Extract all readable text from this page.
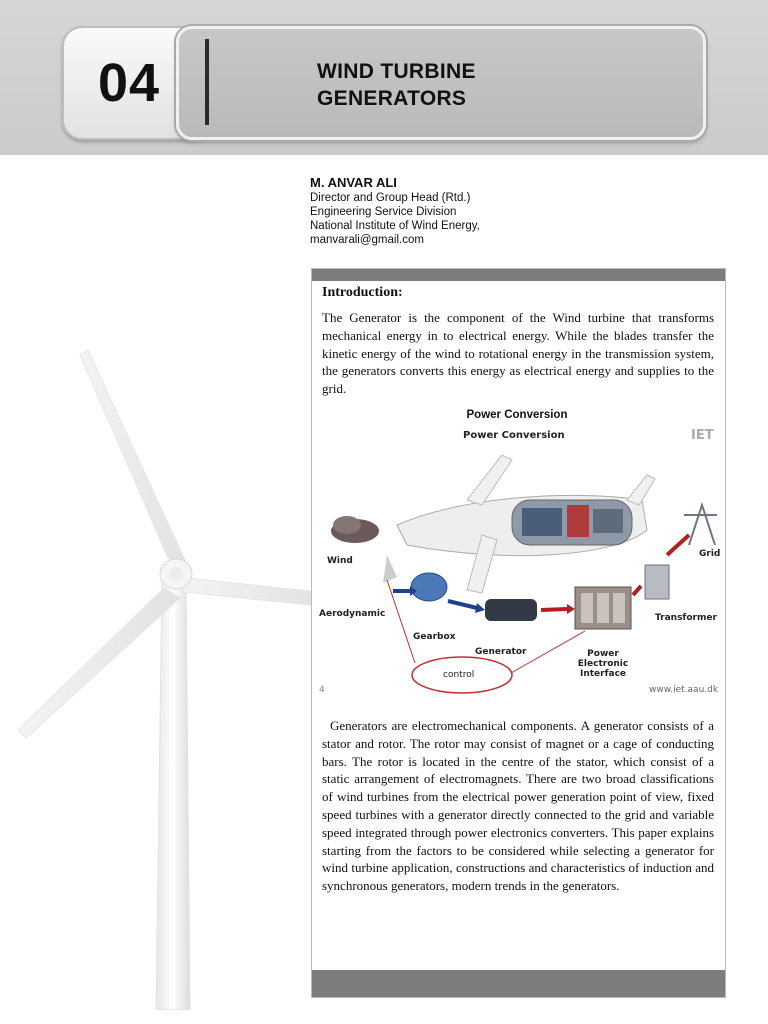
04	WIND TURBINE
GENERATORS
M. ANVAR ALI
Director and Group Head (Rtd.)
Engineering Service Division
National Institute of Wind Energy,
manvarali@gmail.com
Introduction:
The Generator is the component of the Wind turbine that transforms mechanical energy in to electrical energy. While the blades transfer the kinetic energy of the wind to rotational energy in the transmission system, the generators converts this energy as electrical energy and supplies to the grid.
Power Conversion
Power Conversion	IET
Wind
Aerodynamic
Gearbox
Generator	Power
Electronic
Interface
Transformer
Grid
control
4	www.iet.aau.dk
Generators are electromechanical components. A generator consists of a stator and rotor. The rotor may consist of magnet or a cage of conducting bars. The rotor is located in the centre of the stator, which consist of a static arrangement of electromagnets. There are two broad classifications of wind turbines from the electrical power generation point of view, fixed speed turbines with a generator directly connected to the grid and variable speed integrated through power electronics converters. This paper explains starting from the factors to be considered while selecting a generator for wind turbine application, constructions and characteristics of induction and synchronous generators, modern trends in the generators.
